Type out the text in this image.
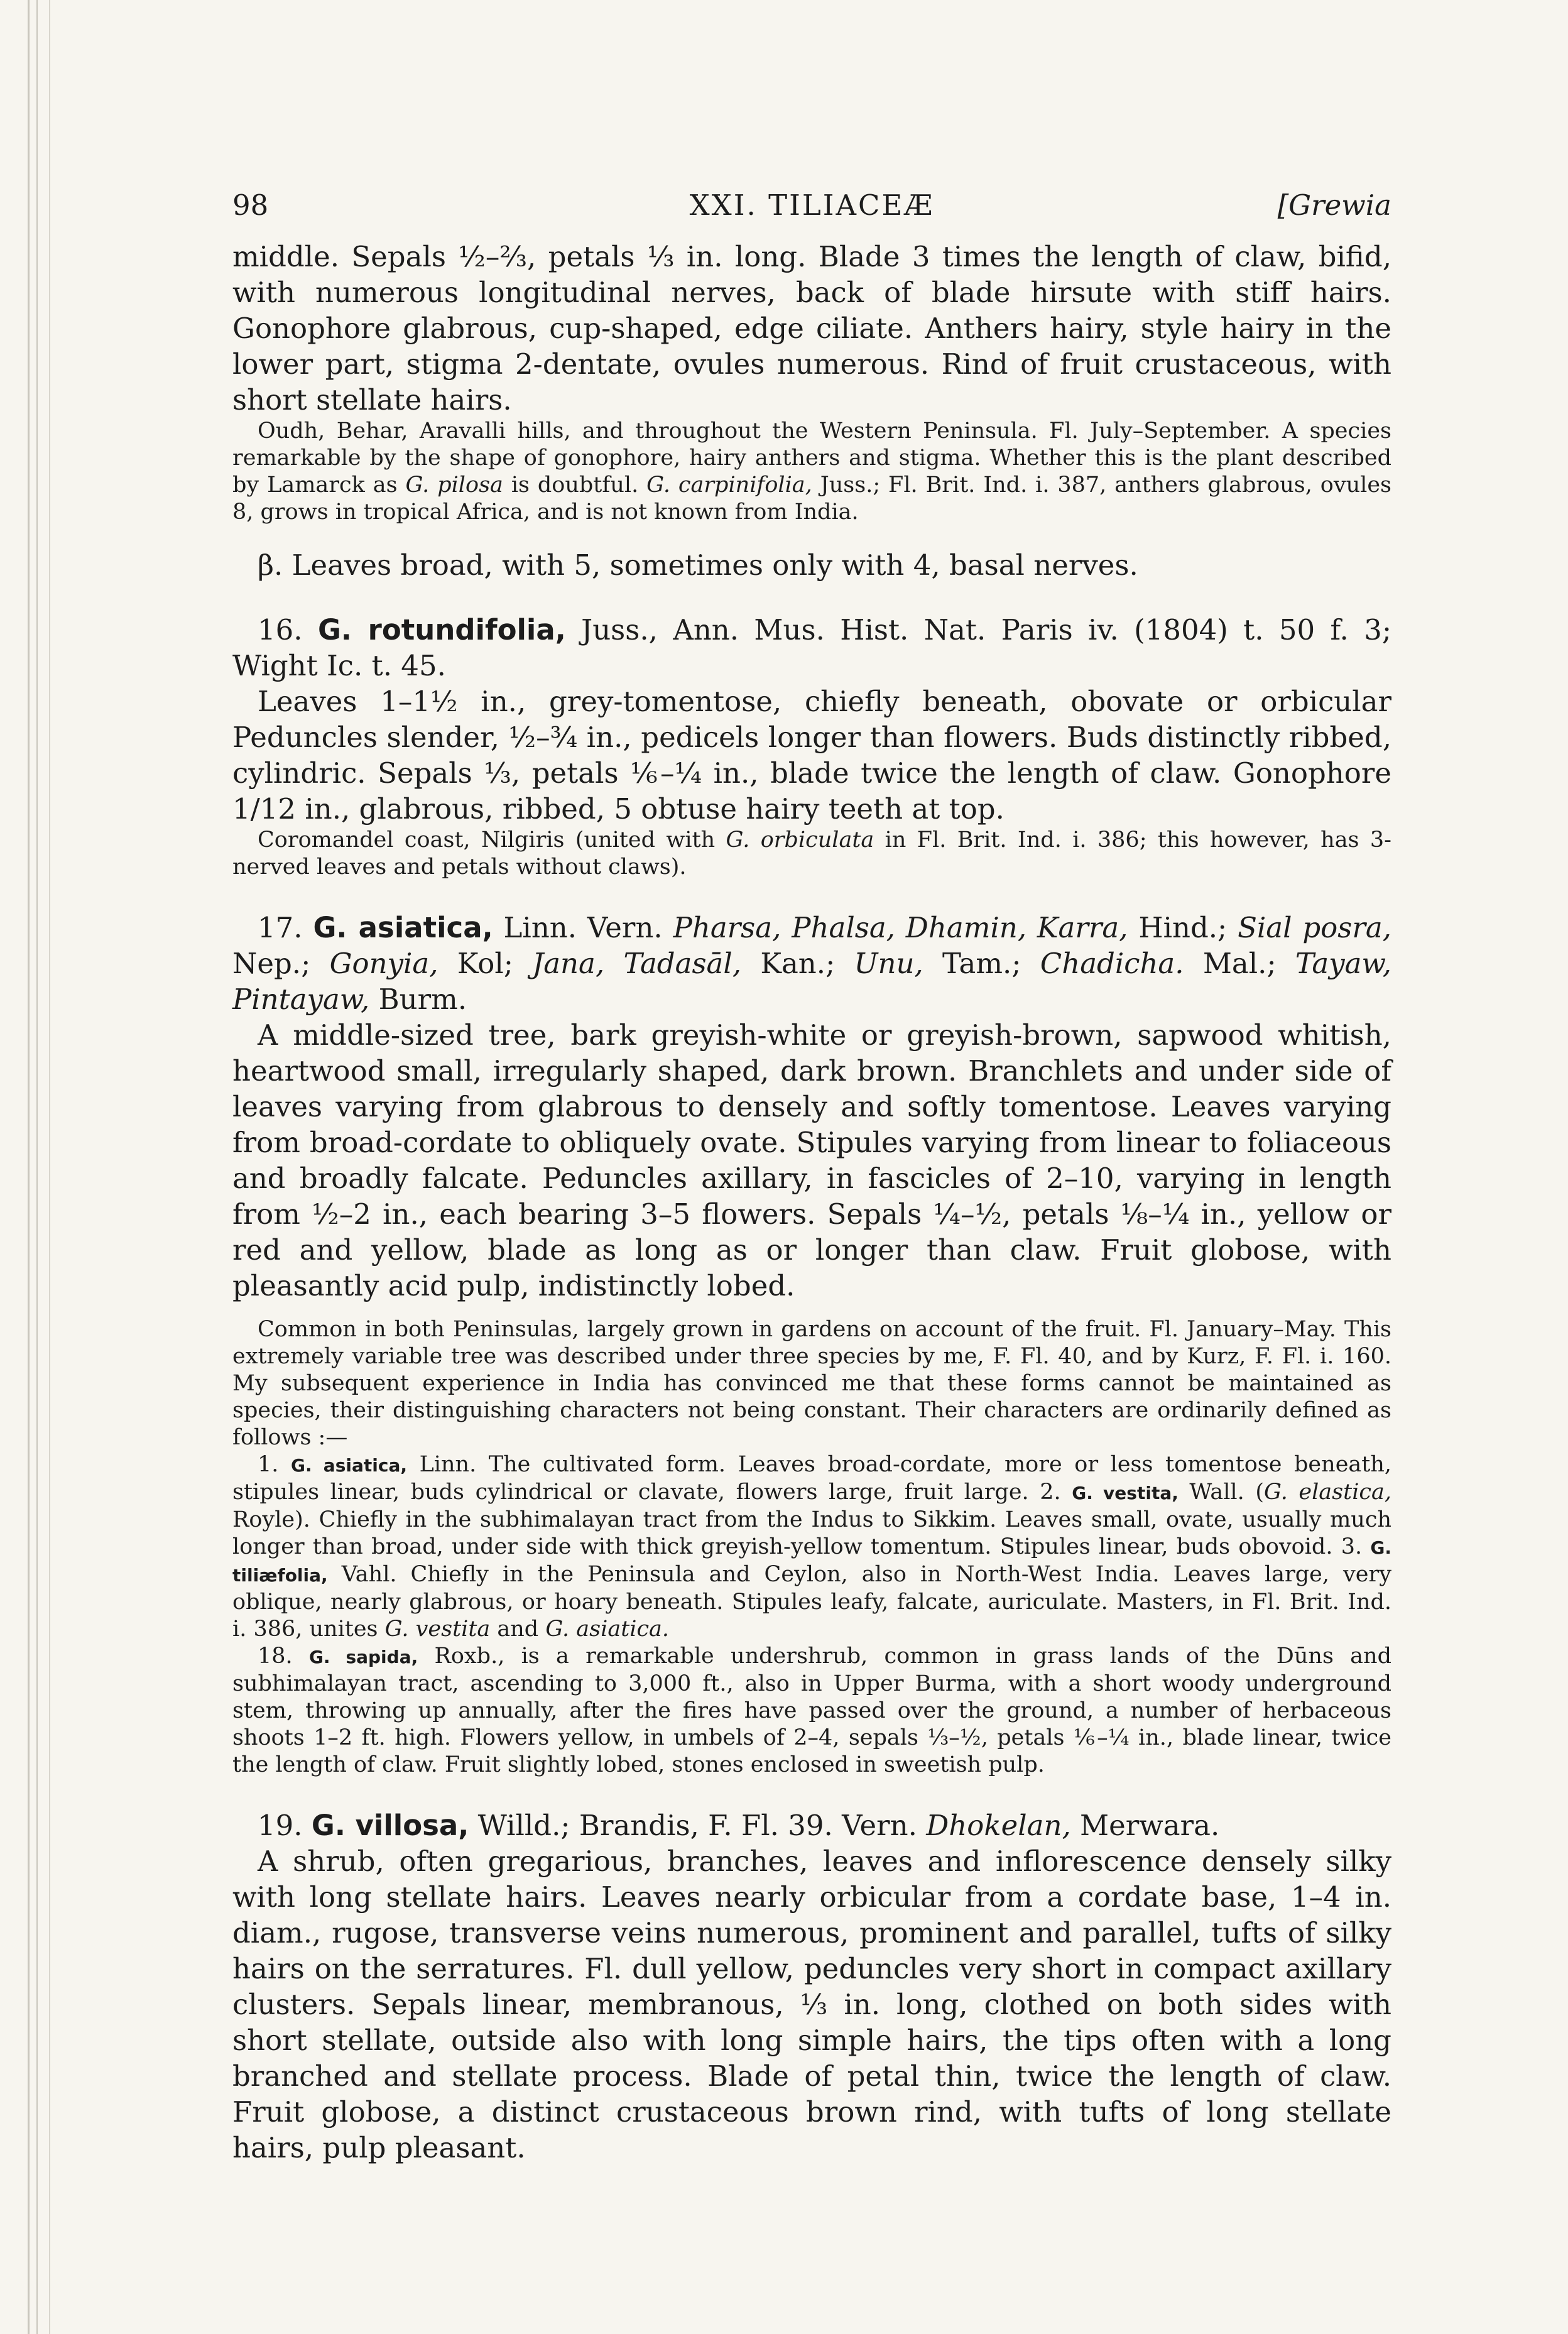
98	XXI. TILIACEÆ	[Grewia

middle. Sepals ½–⅔, petals ⅓ in. long. Blade 3 times the length of claw, bifid, with numerous longitudinal nerves, back of blade hirsute with stiff hairs. Gonophore glabrous, cup-shaped, edge ciliate. Anthers hairy, style hairy in the lower part, stigma 2-dentate, ovules numerous. Rind of fruit crustaceous, with short stellate hairs.

Oudh, Behar, Aravalli hills, and throughout the Western Peninsula. Fl. July–September. A species remarkable by the shape of gonophore, hairy anthers and stigma. Whether this is the plant described by Lamarck as G. pilosa is doubtful. G. carpinifolia, Juss.; Fl. Brit. Ind. i. 387, anthers glabrous, ovules 8, grows in tropical Africa, and is not known from India.

β. Leaves broad, with 5, sometimes only with 4, basal nerves.

16. G. rotundifolia, Juss., Ann. Mus. Hist. Nat. Paris iv. (1804) t. 50 f. 3; Wight Ic. t. 45.

Leaves 1–1½ in., grey-tomentose, chiefly beneath, obovate or orbicular Peduncles slender, ½–¾ in., pedicels longer than flowers. Buds distinctly ribbed, cylindric. Sepals ⅓, petals ⅙–¼ in., blade twice the length of claw. Gonophore 1/12 in., glabrous, ribbed, 5 obtuse hairy teeth at top.

Coromandel coast, Nilgiris (united with G. orbiculata in Fl. Brit. Ind. i. 386; this however, has 3-nerved leaves and petals without claws).

17. G. asiatica, Linn. Vern. Pharsa, Phalsa, Dhamin, Karra, Hind.; Sial posra, Nep.; Gonyia, Kol; Jana, Tadasāl, Kan.; Unu, Tam.; Chadicha. Mal.; Tayaw, Pintayaw, Burm.

A middle-sized tree, bark greyish-white or greyish-brown, sapwood whitish, heartwood small, irregularly shaped, dark brown. Branchlets and under side of leaves varying from glabrous to densely and softly tomentose. Leaves varying from broad-cordate to obliquely ovate. Stipules varying from linear to foliaceous and broadly falcate. Peduncles axillary, in fascicles of 2–10, varying in length from ½–2 in., each bearing 3–5 flowers. Sepals ¼–½, petals ⅛–¼ in., yellow or red and yellow, blade as long as or longer than claw. Fruit globose, with pleasantly acid pulp, indistinctly lobed.

Common in both Peninsulas, largely grown in gardens on account of the fruit. Fl. January–May. This extremely variable tree was described under three species by me, F. Fl. 40, and by Kurz, F. Fl. i. 160. My subsequent experience in India has convinced me that these forms cannot be maintained as species, their distinguishing characters not being constant. Their characters are ordinarily defined as follows :—

1. G. asiatica, Linn. The cultivated form. Leaves broad-cordate, more or less tomentose beneath, stipules linear, buds cylindrical or clavate, flowers large, fruit large. 2. G. vestita, Wall. (G. elastica, Royle). Chiefly in the subhimalayan tract from the Indus to Sikkim. Leaves small, ovate, usually much longer than broad, under side with thick greyish-yellow tomentum. Stipules linear, buds obovoid. 3. G. tiliæfolia, Vahl. Chiefly in the Peninsula and Ceylon, also in North-West India. Leaves large, very oblique, nearly glabrous, or hoary beneath. Stipules leafy, falcate, auriculate. Masters, in Fl. Brit. Ind. i. 386, unites G. vestita and G. asiatica.

18. G. sapida, Roxb., is a remarkable undershrub, common in grass lands of the Dūns and subhimalayan tract, ascending to 3,000 ft., also in Upper Burma, with a short woody underground stem, throwing up annually, after the fires have passed over the ground, a number of herbaceous shoots 1–2 ft. high. Flowers yellow, in umbels of 2–4, sepals ⅓–½, petals ⅙–¼ in., blade linear, twice the length of claw. Fruit slightly lobed, stones enclosed in sweetish pulp.

19. G. villosa, Willd.; Brandis, F. Fl. 39. Vern. Dhokelan, Merwara.

A shrub, often gregarious, branches, leaves and inflorescence densely silky with long stellate hairs. Leaves nearly orbicular from a cordate base, 1–4 in. diam., rugose, transverse veins numerous, prominent and parallel, tufts of silky hairs on the serratures. Fl. dull yellow, peduncles very short in compact axillary clusters. Sepals linear, membranous, ⅓ in. long, clothed on both sides with short stellate, outside also with long simple hairs, the tips often with a long branched and stellate process. Blade of petal thin, twice the length of claw. Fruit globose, a distinct crustaceous brown rind, with tufts of long stellate hairs, pulp pleasant.
